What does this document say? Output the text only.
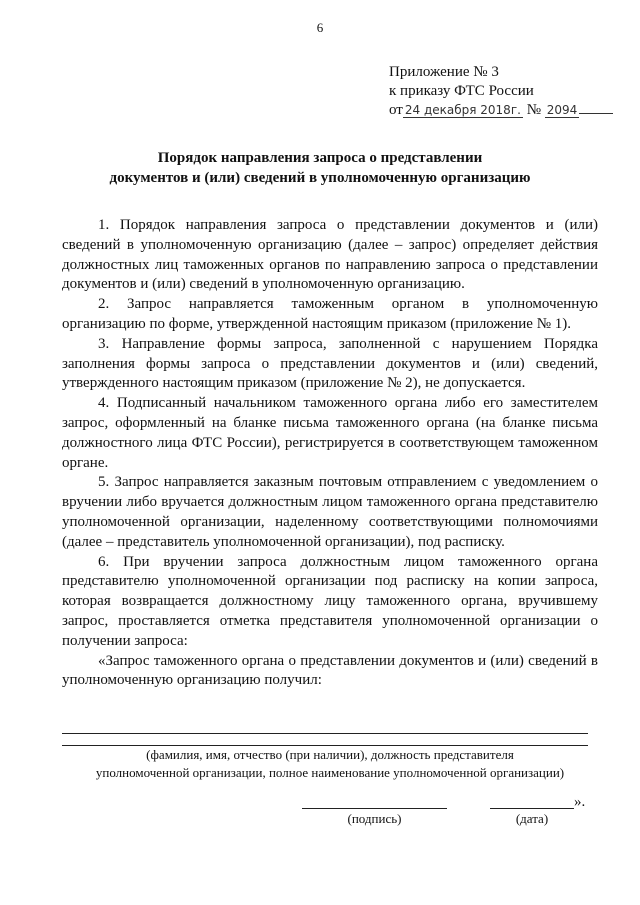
6
Приложение № 3
к приказу ФТС России
от 24 декабря 2018г. № 2094
Порядок направления запроса о представлении
документов и (или) сведений в уполномоченную организацию

1. Порядок направления запроса о представлении документов и (или) сведений в уполномоченную организацию (далее – запрос) определяет действия должностных лиц таможенных органов по направлению запроса о представлении документов и (или) сведений в уполномоченную организацию.

2. Запрос направляется таможенным органом в уполномоченную организацию по форме, утвержденной настоящим приказом (приложение № 1).

3. Направление формы запроса, заполненной с нарушением Порядка заполнения формы запроса о представлении документов и (или) сведений, утвержденного настоящим приказом (приложение № 2), не допускается.

4. Подписанный начальником таможенного органа либо его заместителем запрос, оформленный на бланке письма таможенного органа (на бланке письма должностного лица ФТС России), регистрируется в соответствующем таможенном органе.

5. Запрос направляется заказным почтовым отправлением с уведомлением о вручении либо вручается должностным лицом таможенного органа представителю уполномоченной организации, наделенному соответствующими полномочиями (далее – представитель уполномоченной организации), под расписку.

6. При вручении запроса должностным лицом таможенного органа представителю уполномоченной организации под расписку на копии запроса, которая возвращается должностному лицу таможенного органа, вручившему запрос, проставляется отметка представителя уполномоченной организации о получении запроса:

«Запрос таможенного органа о представлении документов и (или) сведений в уполномоченную организацию получил:

(фамилия, имя, отчество (при наличии), должность представителя
уполномоченной организации, полное наименование уполномоченной организации)
(подпись)
».
(дата)
